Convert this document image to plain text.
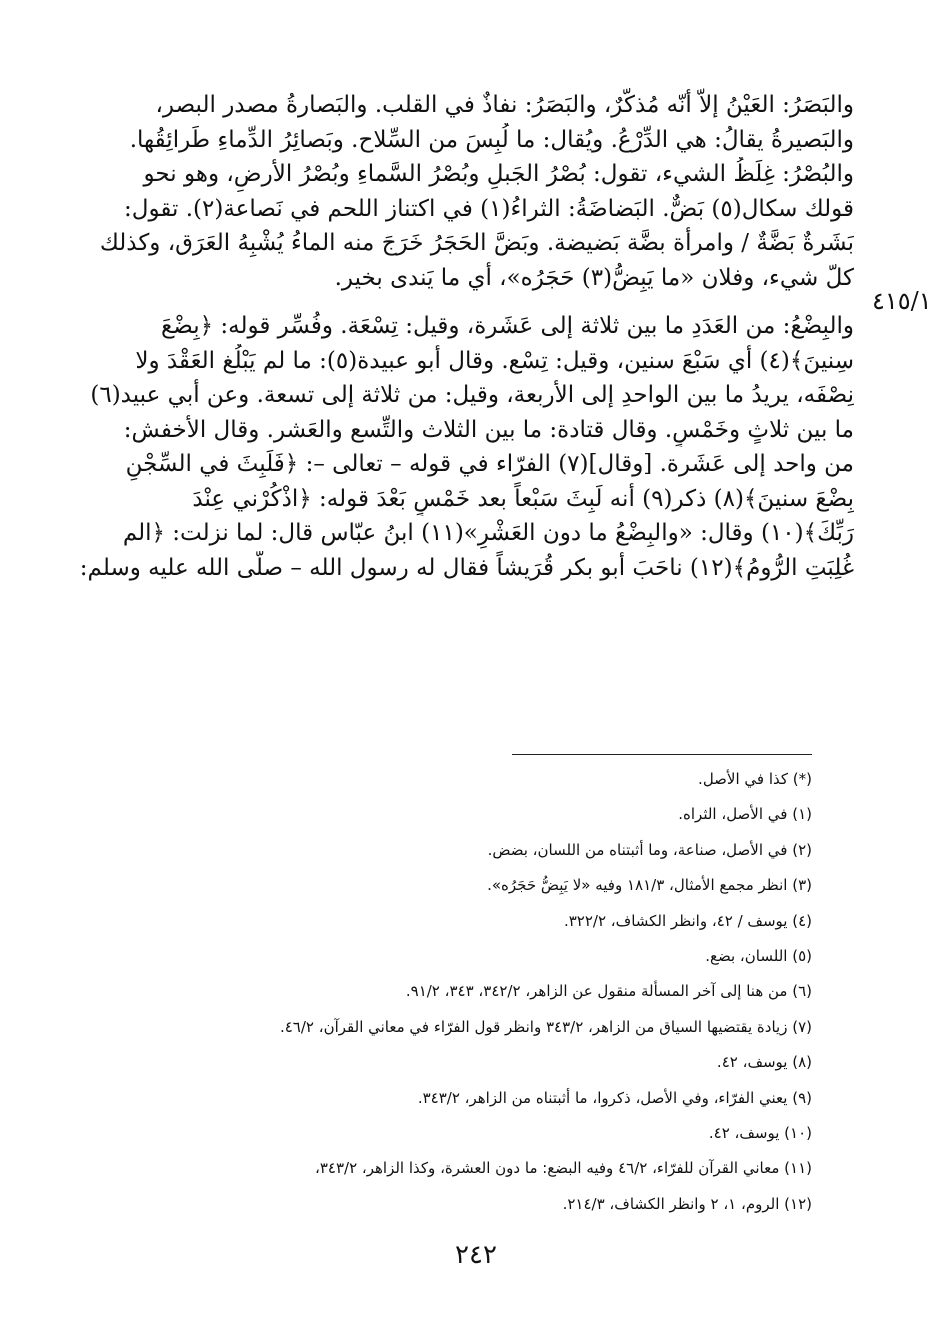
٤١٥/١

والبَصَرُ: العَيْنُ إلاّ أنّه مُذكَّرٌ، والبَصَرُ: نفاذٌ في القلب. والبَصارةُ مصدر البصر،
والبَصيرةُ يقالُ: هي الدِّرْعُ. ويُقال: ما لُبِسَ من السِّلاح. وبَصائِرُ الدِّماءِ طَرائِقُها.
والبُصْرُ: غِلَظُ الشيء، تقول: بُصْرُ الجَبلِ وبُصْرُ السَّماءِ وبُصْرُ الأرضِ، وهو نحو
قولك سكال(٥) بَضٌّ. البَضاضَةُ: الثراءُ(١) في اكتناز اللحم في نَصاعة(٢). تقول:
بَشَرةٌ بَضَّةٌ / وامرأة بضَّة بَضيضة. وبَضَّ الحَجَرُ خَرَجَ منه الماءُ يُشْبِهُ العَرَق، وكذلك
كلّ شيء، وفلان «ما يَبِضُّ(٣) حَجَرُه»، أي ما يَندى بخير.

والبِضْعُ: من العَدَدِ ما بين ثلاثة إلى عَشَرة، وقيل: تِسْعَة. وفُسِّر قوله: ﴿بِضْعَ
سِنينَ﴾(٤) أي سَبْعَ سنين، وقيل: تِسْع. وقال أبو عبيدة(٥): ما لم يَبْلُغ العَقْدَ ولا
نِصْفَه، يريدُ ما بين الواحدِ إلى الأربعة، وقيل: من ثلاثة إلى تسعة. وعن أبي عبيد(٦)
ما بين ثلاثٍ وخَمْسٍ. وقال قتادة: ما بين الثلاث والتِّسع والعَشر. وقال الأخفش:
من واحد إلى عَشَرة. [وقال](٧) الفرّاء في قوله – تعالى –: ﴿فَلَبِثَ في السِّجْنِ
بِضْعَ سنينَ﴾(٨) ذكر(٩) أنه لَبِثَ سَبْعاً بعد خَمْسٍ بَعْدَ قوله: ﴿اذْكُرْني عِنْدَ
رَبِّكَ﴾(١٠) وقال: «والبِضْعُ ما دون العَشْرِ»(١١) ابنُ عبّاس قال: لما نزلت: ﴿الم
غُلِبَتِ الرُّومُ﴾(١٢) ناحَبَ أبو بكر قُرَيشاً فقال له رسول الله – صلَّى الله عليه وسلم:

(*) كذا في الأصل.
(١) في الأصل، الثراه.
(٢) في الأصل، صناعة، وما أثبتناه من اللسان، بضض.
(٣) انظر مجمع الأمثال، ١٨١/٣ وفيه «لا يَبِضُّ حَجَرُه».
(٤) يوسف / ٤٢، وانظر الكشاف، ٣٢٢/٢.
(٥) اللسان، بضع.
(٦) من هنا إلى آخر المسألة منقول عن الزاهر، ٣٤٢/٢، ٣٤٣، ٩١/٢.
(٧) زيادة يقتضيها السياق من الزاهر، ٣٤٣/٢ وانظر قول الفرّاء في معاني القرآن، ٤٦/٢.
(٨) يوسف، ٤٢.
(٩) يعني الفرّاء، وفي الأصل، ذكروا، ما أثبتناه من الزاهر، ٣٤٣/٢.
(١٠) يوسف، ٤٢.
(١١) معاني القرآن للفرّاء، ٤٦/٢ وفيه البضع: ما دون العشرة، وكذا الزاهر، ٣٤٣/٢،
(١٢) الروم، ١، ٢ وانظر الكشاف، ٢١٤/٣.
٢٤٢
